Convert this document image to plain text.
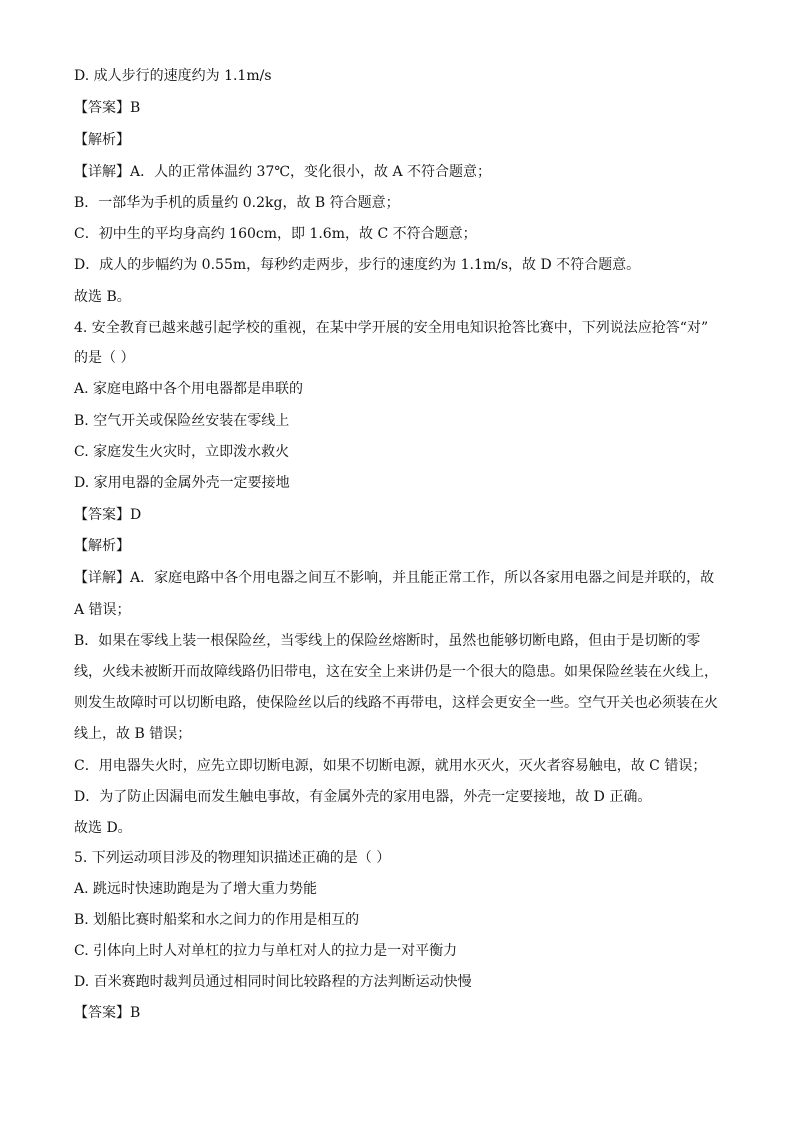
D. 成人步行的速度约为 1.1m/s
【答案】B
【解析】
【详解】A．人的正常体温约 37℃，变化很小，故 A 不符合题意；
B．一部华为手机的质量约 0.2kg，故 B 符合题意；
C．初中生的平均身高约 160cm，即 1.6m，故 C 不符合题意；
D．成人的步幅约为 0.55m，每秒约走两步，步行的速度约为 1.1m/s，故 D 不符合题意。
故选 B。
4. 安全教育已越来越引起学校的重视，在某中学开展的安全用电知识抢答比赛中，下列说法应抢答“对”
的是（ ）
A. 家庭电路中各个用电器都是串联的
B. 空气开关或保险丝安装在零线上
C. 家庭发生火灾时，立即泼水救火
D. 家用电器的金属外壳一定要接地
【答案】D
【解析】
【详解】A．家庭电路中各个用电器之间互不影响，并且能正常工作，所以各家用电器之间是并联的，故
A 错误；
B．如果在零线上装一根保险丝，当零线上的保险丝熔断时，虽然也能够切断电路，但由于是切断的零
线，火线未被断开而故障线路仍旧带电，这在安全上来讲仍是一个很大的隐患。如果保险丝装在火线上，
则发生故障时可以切断电路，使保险丝以后的线路不再带电，这样会更安全一些。空气开关也必须装在火
线上，故 B 错误；
C．用电器失火时，应先立即切断电源，如果不切断电源，就用水灭火，灭火者容易触电，故 C 错误；
D．为了防止因漏电而发生触电事故，有金属外壳的家用电器，外壳一定要接地，故 D 正确。
故选 D。
5. 下列运动项目涉及的物理知识描述正确的是（ ）
A. 跳远时快速助跑是为了增大重力势能
B. 划船比赛时船桨和水之间力的作用是相互的
C. 引体向上时人对单杠的拉力与单杠对人的拉力是一对平衡力
D. 百米赛跑时裁判员通过相同时间比较路程的方法判断运动快慢
【答案】B
